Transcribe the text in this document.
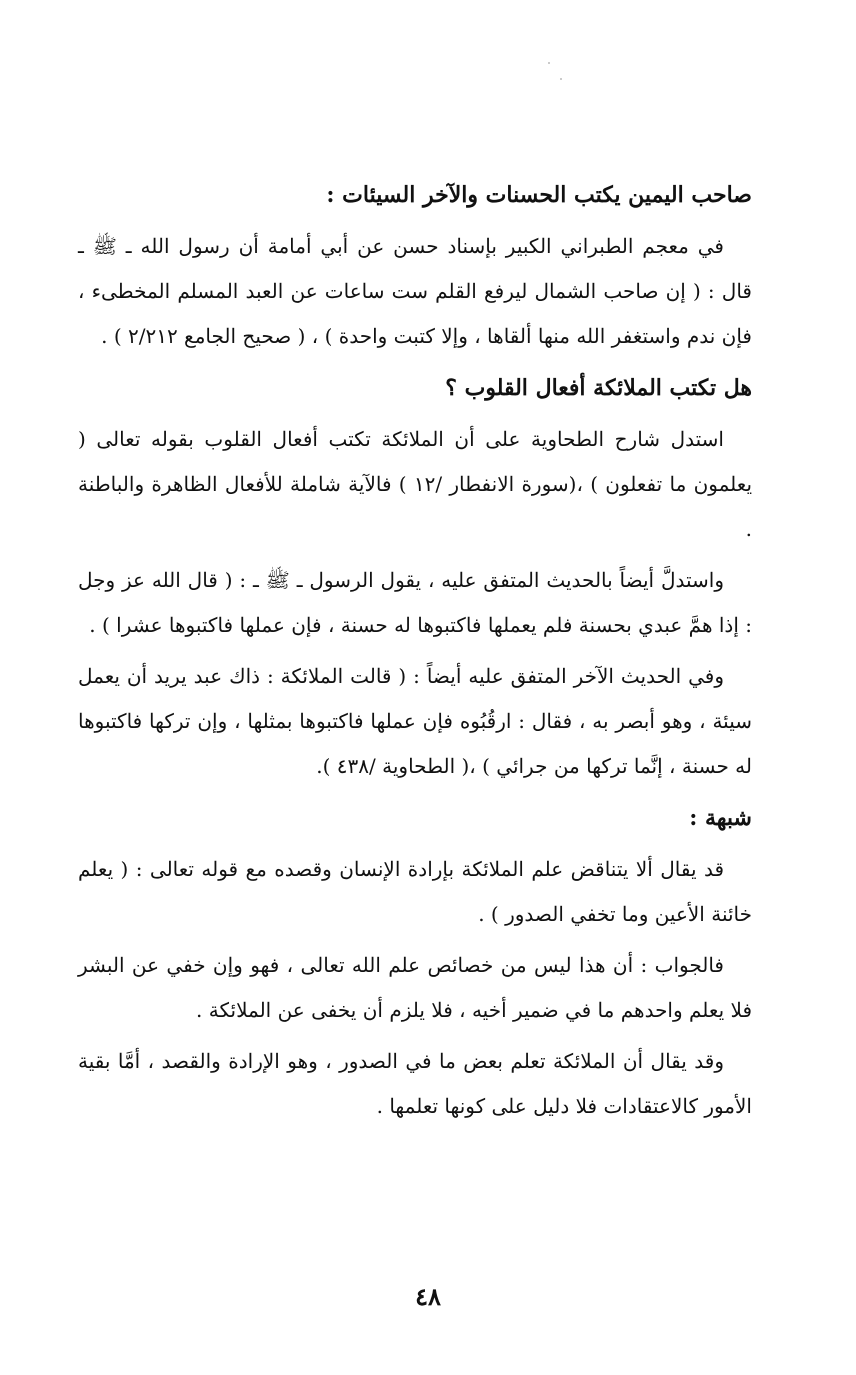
صاحب اليمين يكتب الحسنات والآخر السيئات :
في معجم الطبراني الكبير بإسناد حسن عن أبي أمامة أن رسول الله ـ ﷺ ـ قال : ( إن صاحب الشمال ليرفع القلم ست ساعات عن العبد المسلم المخطىء ، فإن ندم واستغفر الله منها ألقاها ، وإلا كتبت واحدة ) ، ( صحيح الجامع ٢/٢١٢ ) .
هل تكتب الملائكة أفعال القلوب ؟
استدل شارح الطحاوية على أن الملائكة تكتب أفعال القلوب بقوله تعالى ( يعلمون ما تفعلون ) ،(سورة الانفطار /١٢ ) فالآية شاملة للأفعال الظاهرة والباطنة .
واستدلَّ أيضاً بالحديث المتفق عليه ، يقول الرسول ـ ﷺ ـ : ( قال الله عز وجل : إذا همَّ عبدي بحسنة فلم يعملها فاكتبوها له حسنة ، فإن عملها فاكتبوها عشرا ) .
وفي الحديث الآخر المتفق عليه أيضاً : ( قالت الملائكة : ذاك عبد يريد أن يعمل سيئة ، وهو أبصر به ، فقال : ارقُبُوه فإن عملها فاكتبوها بمثلها ، وإن تركها فاكتبوها له حسنة ، إنَّما تركها من جرائي ) ،( الطحاوية /٤٣٨ ).
شبهة :
قد يقال ألا يتناقض علم الملائكة بإرادة الإنسان وقصده مع قوله تعالى : ( يعلم خائنة الأعين وما تخفي الصدور ) .
فالجواب : أن هذا ليس من خصائص علم الله تعالى ، فهو وإن خفي عن البشر فلا يعلم واحدهم ما في ضمير أخيه ، فلا يلزم أن يخفى عن الملائكة .
وقد يقال أن الملائكة تعلم بعض ما في الصدور ، وهو الإرادة والقصد ، أمَّا بقية الأمور كالاعتقادات فلا دليل على كونها تعلمها .
٤٨
